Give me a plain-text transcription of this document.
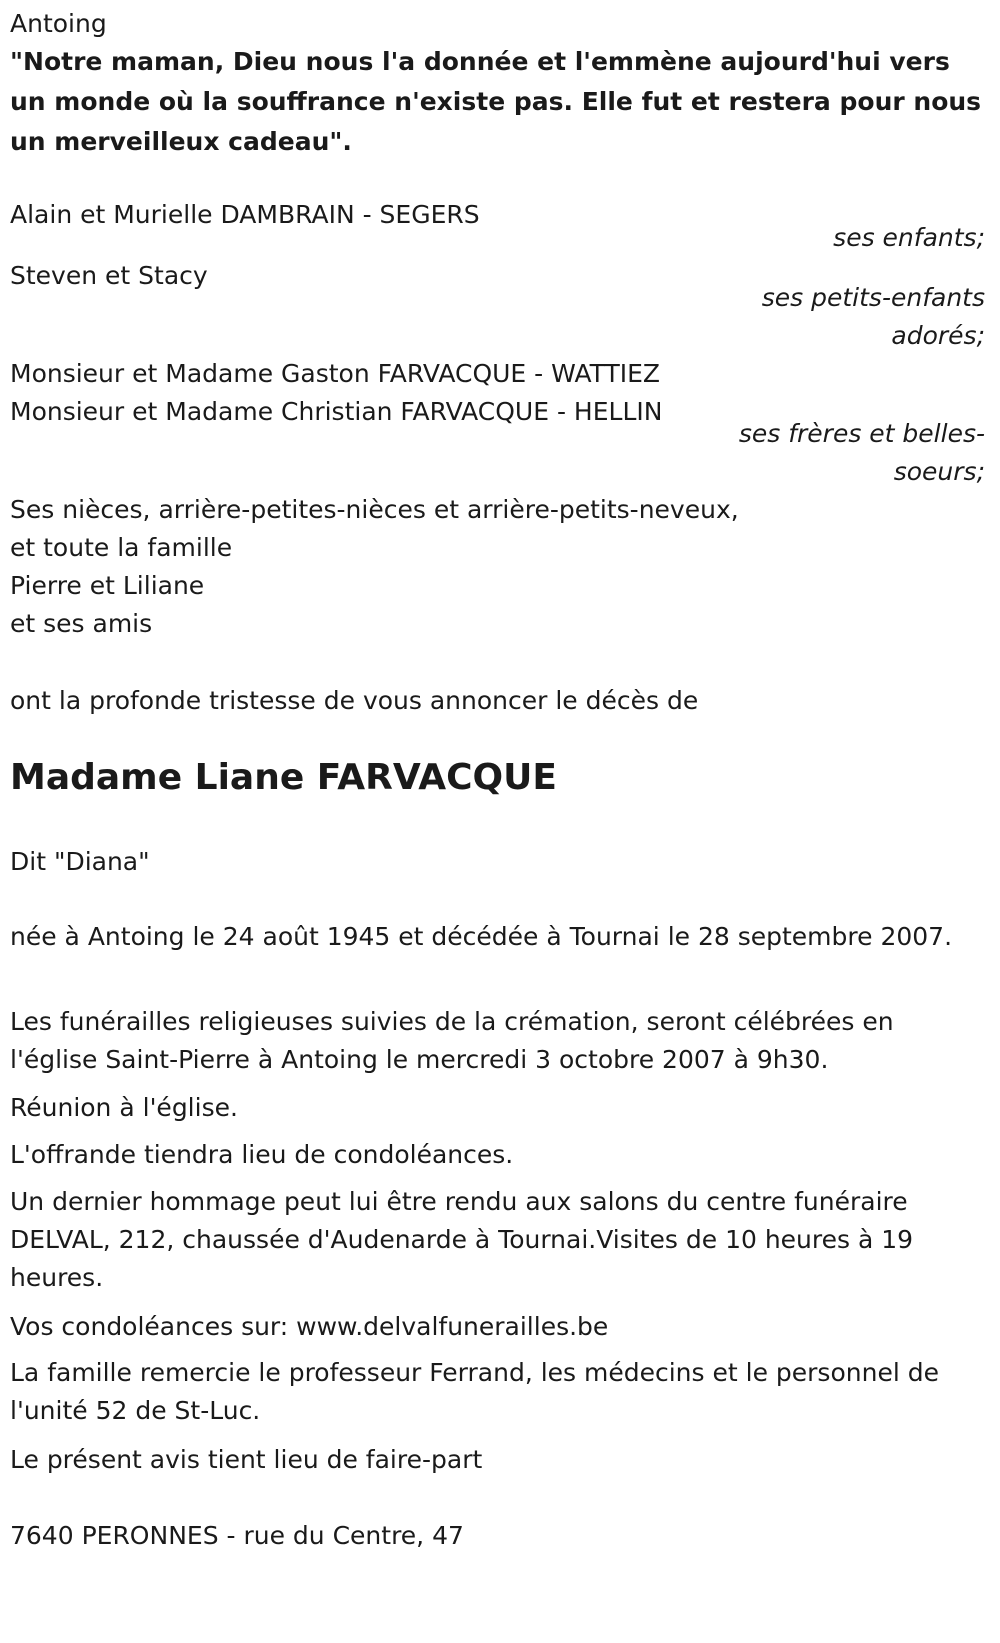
Antoing

"Notre maman, Dieu nous l'a donnée et l'emmène aujourd'hui vers un monde où la souffrance n'existe pas. Elle fut et restera pour nous un merveilleux cadeau".

Alain et Murielle DAMBRAIN - SEGERS

ses enfants;

Steven et Stacy

ses petits-enfants

adorés;

Monsieur et Madame Gaston FARVACQUE - WATTIEZ

Monsieur et Madame Christian FARVACQUE - HELLIN

ses frères et belles-

soeurs;

Ses nièces, arrière-petites-nièces et arrière-petits-neveux,

et toute la famille

Pierre et Liliane

et ses amis

ont la profonde tristesse de vous annoncer le décès de

Madame Liane FARVACQUE

Dit "Diana"

née à Antoing le 24 août 1945 et décédée à Tournai le 28 septembre 2007.

Les funérailles religieuses suivies de la crémation, seront célébrées en l'église Saint-Pierre à Antoing le mercredi 3 octobre 2007 à 9h30.

Réunion à l'église.

L'offrande tiendra lieu de condoléances.

Un dernier hommage peut lui être rendu aux salons du centre funéraire DELVAL, 212, chaussée d'Audenarde à Tournai.Visites de 10 heures à 19 heures.

Vos condoléances sur: www.delvalfunerailles.be

La famille remercie le professeur Ferrand, les médecins et le personnel de l'unité 52 de St-Luc.

Le présent avis tient lieu de faire-part

7640 PERONNES - rue du Centre, 47
